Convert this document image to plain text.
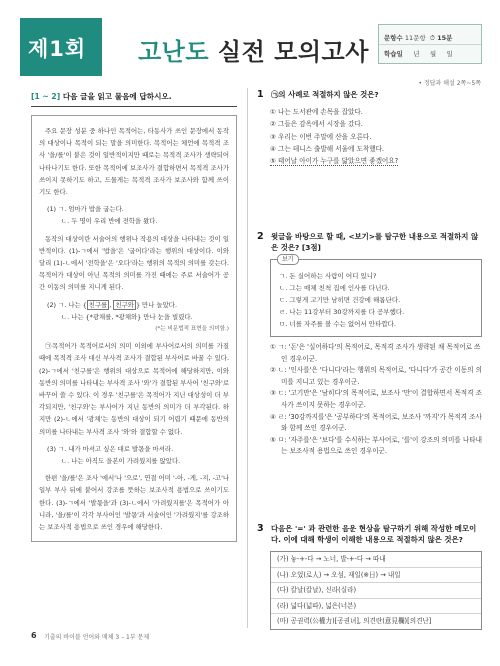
제1회 고난도 실전 모의고사 문항수 11문항 ⏱ 15분
학습일 년 월 일
• 정답과 해설 2쪽~5쪽
[1 ~ 2] 다음 글을 읽고 물음에 답하시오.

주요 문장 성분 중 하나인 목적어는, 타동사가 쓰인 문장에서 동작의 대상이나 목적이 되는 말을 의미한다. 목적어는 체언에 목적격 조사 '을/를'이 붙은 것이 일반적이지만 때로는 목적격 조사가 생략되어 나타나기도 한다. 또한 목적어에 보조사가 결합하면서 목적격 조사가 쓰이지 못하기도 하고, 드물게는 목적격 조사가 보조사와 함께 쓰이기도 한다.

(1) ㄱ. 엄마가 밥을 굽는다.
ㄴ. 두 명이 우리 반에 전학을 왔다.

동작의 대상이란 서술어의 행위나 작용의 대상을 나타내는 것이 일반적이다. (1)-ㄱ에서 '밥을'은 '굽어다'라는 행위의 대상이다. 이와 달리 (1)-ㄴ에서 '전학을'은 '오다'라는 행위의 목적의 의미를 갖는다. 목적어가 대상이 아닌 목적의 의미를 가진 때에는 주로 서술어가 공간 이동의 의미를 지니게 된다.

(2) ㄱ. 나는 { 친구를 , 친구와 } 만나 놀았다.
ㄴ. 나는 {*광채를, *광채와} 만나 눈을 빌렸다.
(*는 비문법적 표현을 의미함.)

㉠목적어가 목적어로서의 의미 이외에 부사어로서의 의미를 가질 때에 목적격 조사 대신 부사격 조사가 결합된 부사어로 바꿀 수 있다. (2)-ㄱ에서 '친구를'은 행위의 대상으로 목적어에 해당하지만, 이와 동반의 의미를 나타내는 부사격 조사 '와'가 결합된 부사어 '친구와'로 바꾸어 쓸 수 있다. 이 경우 '친구를'은 목적어가 지닌 대상성이 더 부각되지만, '친구와'는 부사어가 지닌 동반의 의미가 더 부각된다. 하지만 (2)-ㄴ에서 '광채'는 동반의 대상이 되기 어렵기 때문에 동반의 의미를 나타내는 부사격 조사 '와'와 결합할 수 없다.

(3) ㄱ. 내가 마셔고 싶은 대로 발몫을 마셔라.
ㄴ. 나는 아직도 을본이 가려웠지를 않았다.

한편 '을/를'은 조사 '에서'나 '으로', 연결 어미 '-아, -게, -지, -고'나 일부 부사 뒤에 붙어서 강조를 뜻하는 보조사적 용법으로 쓰이기도 한다. (3)-ㄱ에서 '발몫을'과 (3)-ㄴ에서 '가려웠지를'은 목적어가 아니라, '을/를'이 각각 부사어인 '발몫'과 서술어인 '가려웠지'를 강조하는 보조사적 용법으로 쓰인 경우에 해당한다.

1 ㉠의 사례로 적절하지 않은 것은?
① 나는 도서관에 손목을 잡았다.
② 그들은 감옥에서 시장을 갔다.
③ 우리는 이번 주말에 산을 오른다.
④ 그는 테니스 출발해 서울에 도착했다.
⑤ 태어날 아이가 누구를 닮았으면 좋겠어요?
2 윗글을 바탕으로 할 때, <보기>를 탐구한 내용으로 적절하지 않은 것은? [3점]
보기
ㄱ. 돈 실어하는 사람이 어디 있니?
ㄴ. 그는 매체 친척 집에 인사를 다닌다.
ㄷ. 그렇게 고기만 남히면 건강에 해롭단다.
ㄹ. 나는 11강부터 30강까지를 다 공부했다.
ㅁ. 너를 자주를 볼 수는 없어서 안타깝다.
① ㄱ: '돈'은 '실어하다'의 목적어로, 목적격 조사가 생략된 채 목적어로 쓰인 경우이군.
② ㄴ: '인사를'은 '다니다'라는 행위의 목적어로, '다니다'가 공간 이동의 의미를 지니고 있는 경우이군.
③ ㄷ: '고기만'은 '남히다'의 목적어로, 보조사 '만'이 결합하면서 목적격 조사가 쓰이지 못하는 경우이군.
④ ㄹ: '30강까지를'은 '공부하다'의 목적어로, 보조사 '까지'가 목적격 조사와 함께 쓰인 경우이군.
⑤ ㅁ: '자주를'은 '보다'를 수식하는 부사어로, '를'이 강조의 의미를 나타내는 보조사적 용법으로 쓰인 경우이군.
3 다음은 '=' 과 관련한 음운 현상을 탐구하기 위해 작성한 메모이다. 이에 대해 학생이 이해한 내용으로 적절하지 않은 것은?
(가) 놓-+-다 → 노너, 발-+-다 → 따내
(나) 오었(로人) → 오섬, 재일(※日) → 내일
(다) 칼날(칼날), 신라(실라)
(라) 넓다(넓따), 넓은(너븐)
(마) 공권력(公權力)[공권녀], 의견란(意見欄)[의견난]
6 기출의 바이블 언어와 매체 3 – 1부 문제
